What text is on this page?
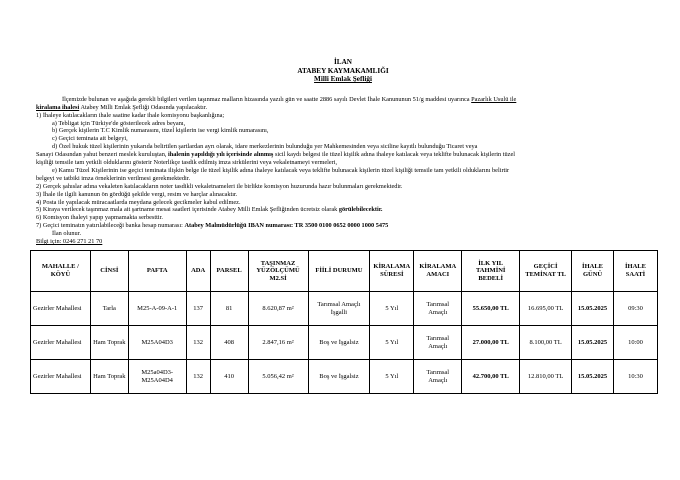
İLAN
ATABEY KAYMAKAMLIĞI
Milli Emlak Şefliği

İlçemizde bulunan ve aşağıda gerekli bilgileri verilen taşınmaz malların hizasında yazılı gün ve saatte 2886 sayılı Devlet İhale Kanununun 51/g maddesi uyarınca Pazarlık Usulü ile

kiralama ihalesi Atabey Milli Emlak Şefliği Odasında yapılacaktır.

1) İhaleye katılacakların ihale saatine kadar ihale komisyonu başkanlığına;

a) Tebligat için Türkiye'de gösterilecek adres beyanı,

b) Gerçek kişilerin T.C Kimlik numarasını, tüzel kişilerin ise vergi kimlik numarasını,

c) Geçici teminata ait belgeyi,

d) Özel hukuk tüzel kişilerinin yukarıda belirtilen şartlardan ayrı olarak, idare merkezlerinin bulunduğu yer Mahkemesinden veya siciline kayıtlı bulunduğu Ticaret veya

Sanayi Odasından yahut benzeri meslek kuruluştan, ihalenin yapıldığı yılı içerisinde alınmış sicil kaydı belgesi ile tüzel kişilik adına ihaleye katılacak veya teklifte bulunacak kişilerin tüzel

kişiliği temsile tam yetkili olduklarını gösterir Noterlikçe tasdik edilmiş imza sirkülerini veya vekaletnameyi vermeleri,

e) Kamu Tüzel Kişilerinin ise geçici teminata ilişkin belge ile tüzel kişilik adına ihaleye katılacak veya teklifte bulunacak kişilerin tüzel kişiliği temsile tam yetkili olduklarını belirtir

belgeyi ve tatbiki imza örneklerinin verilmesi gerekmektedir.

2) Gerçek şahıslar adına vekaleten katılacakların noter tasdikli vekaletnameleri ile birlikte komisyon huzurunda hazır bulunmaları gerekmektedir.

3) İhale ile ilgili kanunun ön gördüğü şekilde vergi, resim ve harçlar alınacaktır.

4) Posta ile yapılacak müracaatlarda meydana gelecek gecikmeler kabul edilmez.

5) Kiraya verilecek taşınmaz mala ait şartname mesai saatleri içerisinde Atabey Milli Emlak Şefliğinden ücretsiz olarak görülebilecektir.

6) Komisyon ihaleyi yapıp yapmamakta serbesttir.

7) Geçici teminatın yatırılabileceği banka hesap numarası: Atabey Malmüdürlüğü IBAN numarası: TR 3500 0100 0652 0000 1000 5475

İlan olunur.

Bilgi için: 0246 271 21 70

MAHALLE / KÖYÜ	CİNSİ	PAFTA	ADA	PARSEL	TAŞINMAZ YÜZÖLÇÜMÜ M2.Sİ	FİİLİ DURUMU	KİRALAMA SÜRESİ	KİRALAMA AMACI	İLK YIL TAHMİNİ BEDELİ	GEÇİCİ TEMİNAT TL	İHALE GÜNÜ	İHALE SAATİ
Gezirler Mahallesi	Tarla	M25-A-09-A-1	137	81	8.620,87 m²	Tarımsal Amaçlı İşgalli	5 Yıl	Tarımsal Amaçlı	55.650,00 TL	16.695,00 TL	15.05.2025	09:30
Gezirler Mahallesi	Ham Toprak	M25A04D3	132	408	2.847,16 m²	Boş ve İşgalsiz	5 Yıl	Tarımsal Amaçlı	27.000,00 TL	8.100,00 TL	15.05.2025	10:00
Gezirler Mahallesi	Ham Toprak	M25a04D3-M25A04D4	132	410	5.056,42 m²	Boş ve İşgalsiz	5 Yıl	Tarımsal Amaçlı	42.700,00 TL	12.810,00 TL	15.05.2025	10:30
